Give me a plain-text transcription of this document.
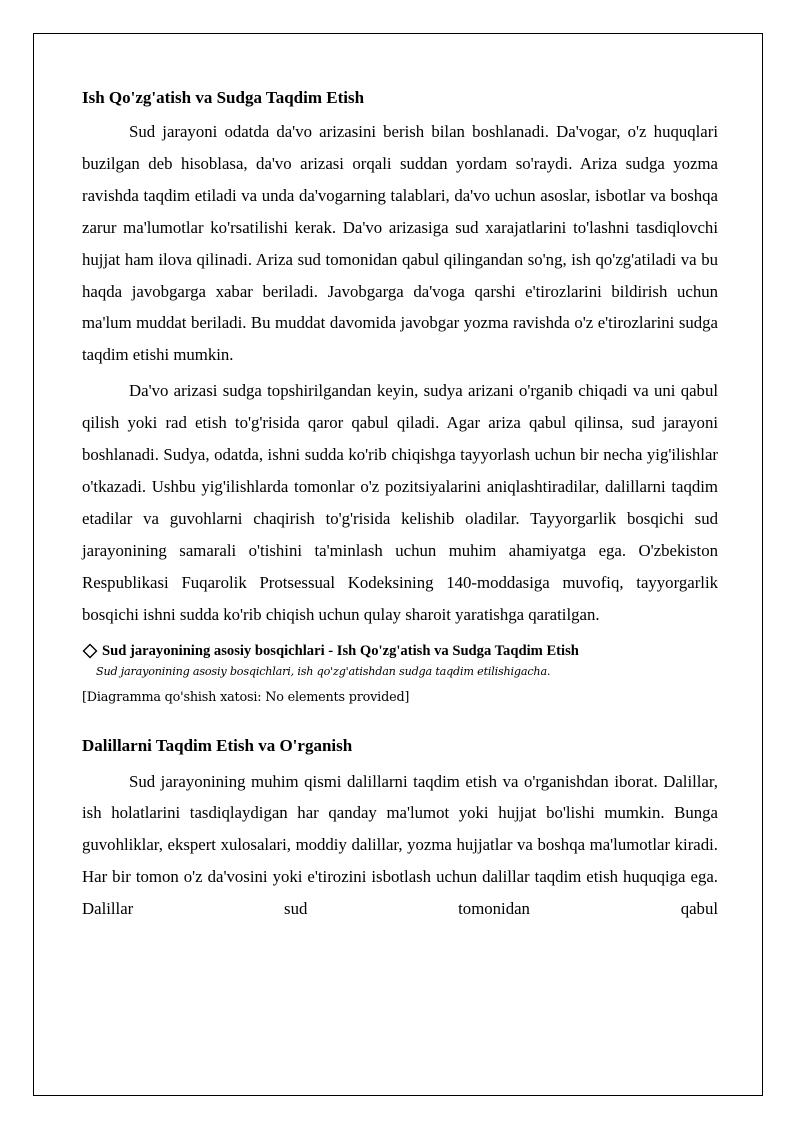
Ish Qo'zg'atish va Sudga Taqdim Etish

Sud jarayoni odatda da'vo arizasini berish bilan boshlanadi. Da'vogar, o'z huquqlari buzilgan deb hisoblasa, da'vo arizasi orqali suddan yordam so'raydi. Ariza sudga yozma ravishda taqdim etiladi va unda da'vogarning talablari, da'vo uchun asoslar, isbotlar va boshqa zarur ma'lumotlar ko'rsatilishi kerak. Da'vo arizasiga sud xarajatlarini to'lashni tasdiqlovchi hujjat ham ilova qilinadi. Ariza sud tomonidan qabul qilingandan so'ng, ish qo'zg'atiladi va bu haqda javobgarga xabar beriladi. Javobgarga da'voga qarshi e'tirozlarini bildirish uchun ma'lum muddat beriladi. Bu muddat davomida javobgar yozma ravishda o'z e'tirozlarini sudga taqdim etishi mumkin.

Da'vo arizasi sudga topshirilgandan keyin, sudya arizani o'rganib chiqadi va uni qabul qilish yoki rad etish to'g'risida qaror qabul qiladi. Agar ariza qabul qilinsa, sud jarayoni boshlanadi. Sudya, odatda, ishni sudda ko'rib chiqishga tayyorlash uchun bir necha yig'ilishlar o'tkazadi. Ushbu yig'ilishlarda tomonlar o'z pozitsiyalarini aniqlashtiradilar, dalillarni taqdim etadilar va guvohlarni chaqirish to'g'risida kelishib oladilar. Tayyorgarlik bosqichi sud jarayonining samarali o'tishini ta'minlash uchun muhim ahamiyatga ega. O'zbekiston Respublikasi Fuqarolik Protsessual Kodeksining 140-moddasiga muvofiq, tayyorgarlik bosqichi ishni sudda ko'rib chiqish uchun qulay sharoit yaratishga qaratilgan.

Sud jarayonining asosiy bosqichlari - Ish Qo'zg'atish va Sudga Taqdim Etish
Sud jarayonining asosiy bosqichlari, ish qo'zg'atishdan sudga taqdim etilishigacha.
[Diagramma qo'shish xatosi: No elements provided]
Dalillarni Taqdim Etish va O'rganish

Sud jarayonining muhim qismi dalillarni taqdim etish va o'rganishdan iborat. Dalillar, ish holatlarini tasdiqlaydigan har qanday ma'lumot yoki hujjat bo'lishi mumkin. Bunga guvohliklar, ekspert xulosalari, moddiy dalillar, yozma hujjatlar va boshqa ma'lumotlar kiradi. Har bir tomon o'z da'vosini yoki e'tirozini isbotlash uchun dalillar taqdim etish huquqiga ega. Dalillar sud tomonidan qabul
